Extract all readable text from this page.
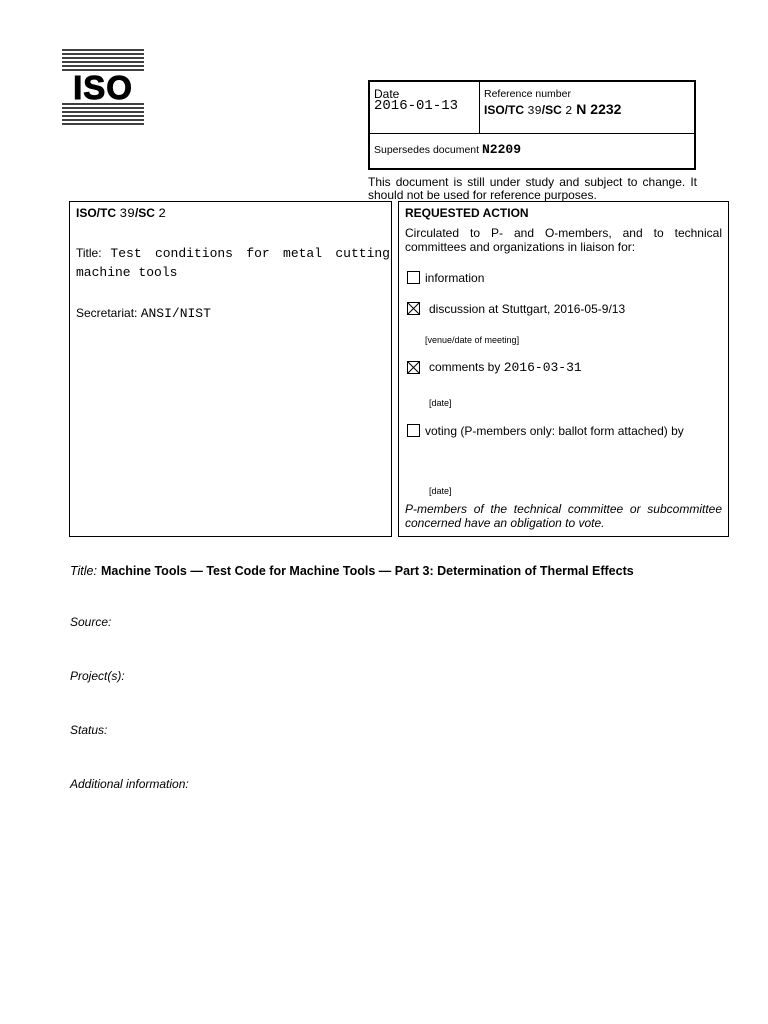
ISO	Date
2016-01-13
Reference number
ISO/TC 39/SC 2 N 2232
Supersedes document N2209
This document is still under study and subject to change. It should not be used for reference purposes.
ISO/TC 39/SC 2
Title: Test conditions for metal cutting machine tools
Secretariat: ANSI/NIST
REQUESTED ACTION
Circulated to P- and O-members, and to technical committees and organizations in liaison for:
information
discussion at Stuttgart, 2016-05-9/13
[venue/date of meeting]
comments by 2016-03-31
[date]
voting (P-members only: ballot form attached) by
[date]
P-members of the technical committee or subcommittee concerned have an obligation to vote.
Title: Machine Tools — Test Code for Machine Tools — Part 3: Determination of Thermal Effects
Source:
Project(s):
Status:
Additional information:
